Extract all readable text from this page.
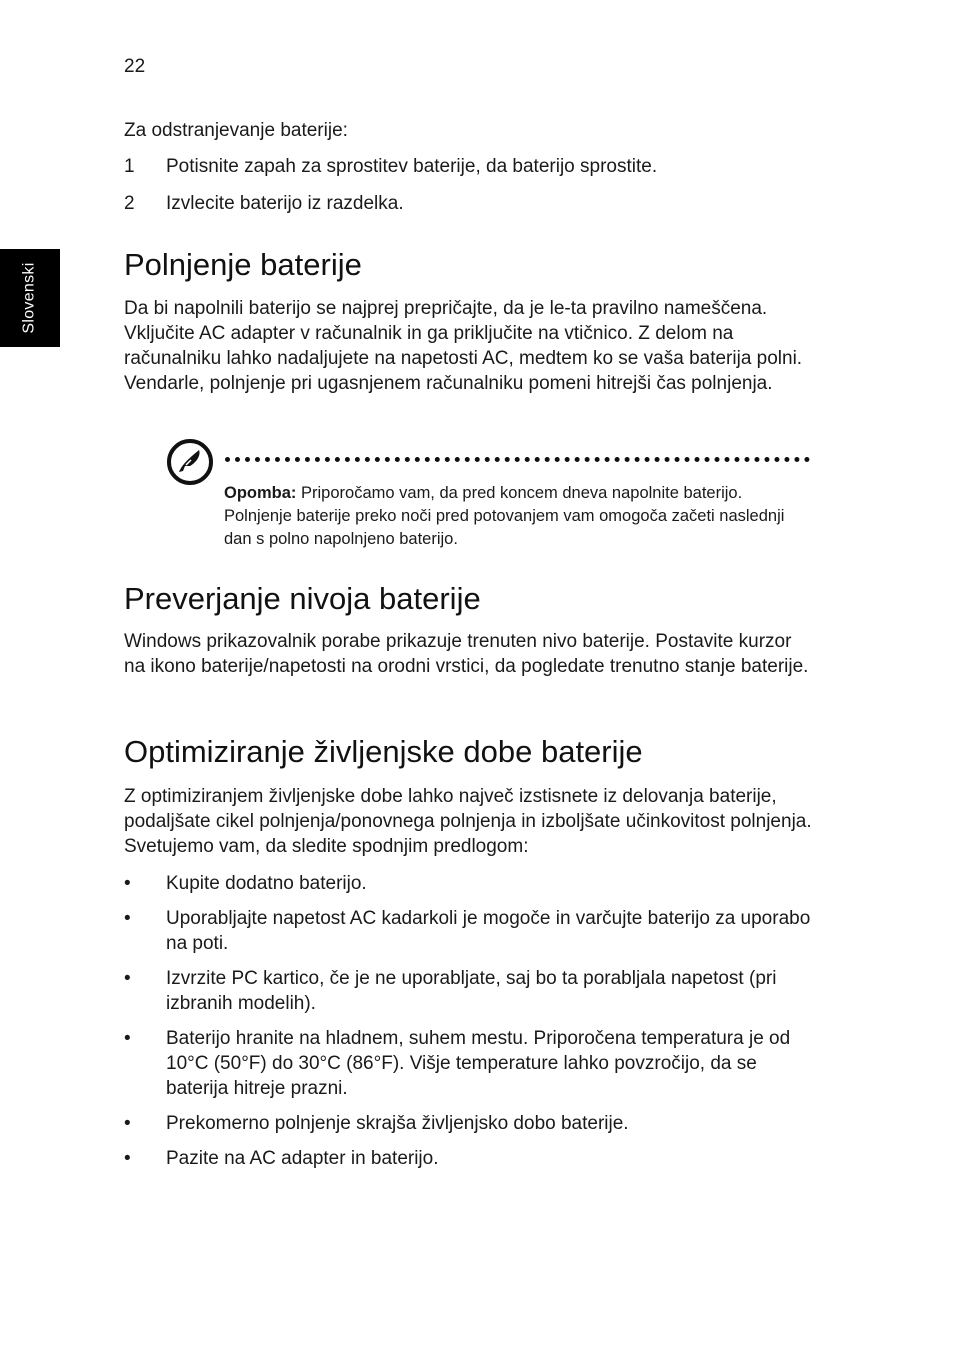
22
Slovenski
Za odstranjevanje baterije:
1 Potisnite zapah za sprostitev baterije, da baterijo sprostite.
2 Izvlecite baterijo iz razdelka.
Polnjenje baterije

Da bi napolnili baterijo se najprej prepričajte, da je le-ta pravilno nameščena. Vključite AC adapter v računalnik in ga priključite na vtičnico. Z delom na računalniku lahko nadaljujete na napetosti AC, medtem ko se vaša baterija polni. Vendarle, polnjenje pri ugasnjenem računalniku pomeni hitrejši čas polnjenja.

Opomba: Priporočamo vam, da pred koncem dneva napolnite baterijo. Polnjenje baterije preko noči pred potovanjem vam omogoča začeti naslednji dan s polno napolnjeno baterijo.

Preverjanje nivoja baterije

Windows prikazovalnik porabe prikazuje trenuten nivo baterije. Postavite kurzor na ikono baterije/napetosti na orodni vrstici, da pogledate trenutno stanje baterije.

Optimiziranje življenjske dobe baterije

Z optimiziranjem življenjske dobe lahko največ izstisnete iz delovanja baterije, podaljšate cikel polnjenja/ponovnega polnjenja in izboljšate učinkovitost polnjenja. Svetujemo vam, da sledite spodnjim predlogom:

• Kupite dodatno baterijo.
• Uporabljajte napetost AC kadarkoli je mogoče in varčujte baterijo za uporabo na poti.
• Izvrzite PC kartico, če je ne uporabljate, saj bo ta porabljala napetost (pri izbranih modelih).
• Baterijo hranite na hladnem, suhem mestu. Priporočena temperatura je od 10°C (50°F) do 30°C (86°F). Višje temperature lahko povzročijo, da se baterija hitreje prazni.
• Prekomerno polnjenje skrajša življenjsko dobo baterije.
• Pazite na AC adapter in baterijo.
